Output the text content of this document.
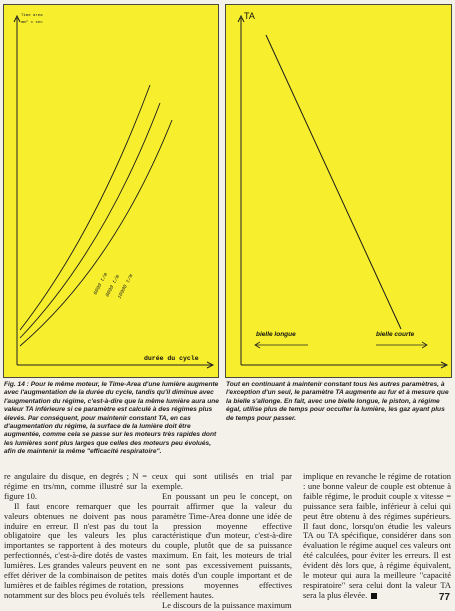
Time area
mm² x sec
durée du cycle
6000 t/m
8000 t/m
10000 t/m
TA
bielle longue	bielle courte
Fig. 14 : Pour le même moteur, le Time-Area d'une lumière augmente avec l'augmentation de la durée du cycle, tandis qu'il diminue avec l'augmentation du régime, c'est-à-dire que la même lumière aura une valeur TA inférieure si ce paramètre est calculé à des régimes plus élevés. Par conséquent, pour maintenir constant TA, en cas d'augmentation du régime, la surface de la lumière doit être augmentée, comme cela se passe sur les moteurs très rapides dont les lumières sont plus larges que celles des moteurs peu évolués, afin de maintenir la même "efficacité respiratoire".
Tout en continuant à maintenir constant tous les autres paramètres, à l'exception d'un seul, le paramètre TA augmente au fur et à mesure que la bielle s'allonge. En fait, avec une bielle longue, le piston, à régime égal, utilise plus de temps pour occulter la lumière, les gaz ayant plus de temps pour passer.

re angulaire du disque, en degrés ; N = régime en trs/mn, comme illustré sur la figure 10.

Il faut encore remarquer que les valeurs obtenues ne doivent pas nous induire en erreur. Il n'est pas du tout obligatoire que les valeurs les plus importantes se rapportent à des moteurs perfectionnés, c'est-à-dire dotés de vastes lumières. Les grandes valeurs peuvent en effet dériver de la combinaison de petites lumières et de faibles régimes de rotation, notamment sur des blocs peu évolués tels

ceux qui sont utilisés en trial par exemple.

En poussant un peu le concept, on pourrait affirmer que la valeur du paramètre Time-Area donne une idée de la pression moyenne effective caractéristique d'un moteur, c'est-à-dire du couple, plutôt que de sa puissance maximum. En fait, les moteurs de trial ne sont pas excessivement puissants, mais dotés d'un couple important et de pressions moyennes effectives réellement hautes.

Le discours de la puissance maximum

implique en revanche le régime de rotation : une bonne valeur de couple est obtenue à faible régime, le produit couple x vitesse = puissance sera faible, inférieur à celui qui peut être obtenu à des régimes supérieurs. Il faut donc, lorsqu'on étudie les valeurs TA ou TA spécifique, considérer dans son évaluation le régime auquel ces valeurs ont été calculées, pour éviter les erreurs. Il est évident dès lors que, à régime équivalent, le moteur qui aura la meilleure "capacité respiratoire" sera celui dont la valeur TA sera la plus élevée.	77
